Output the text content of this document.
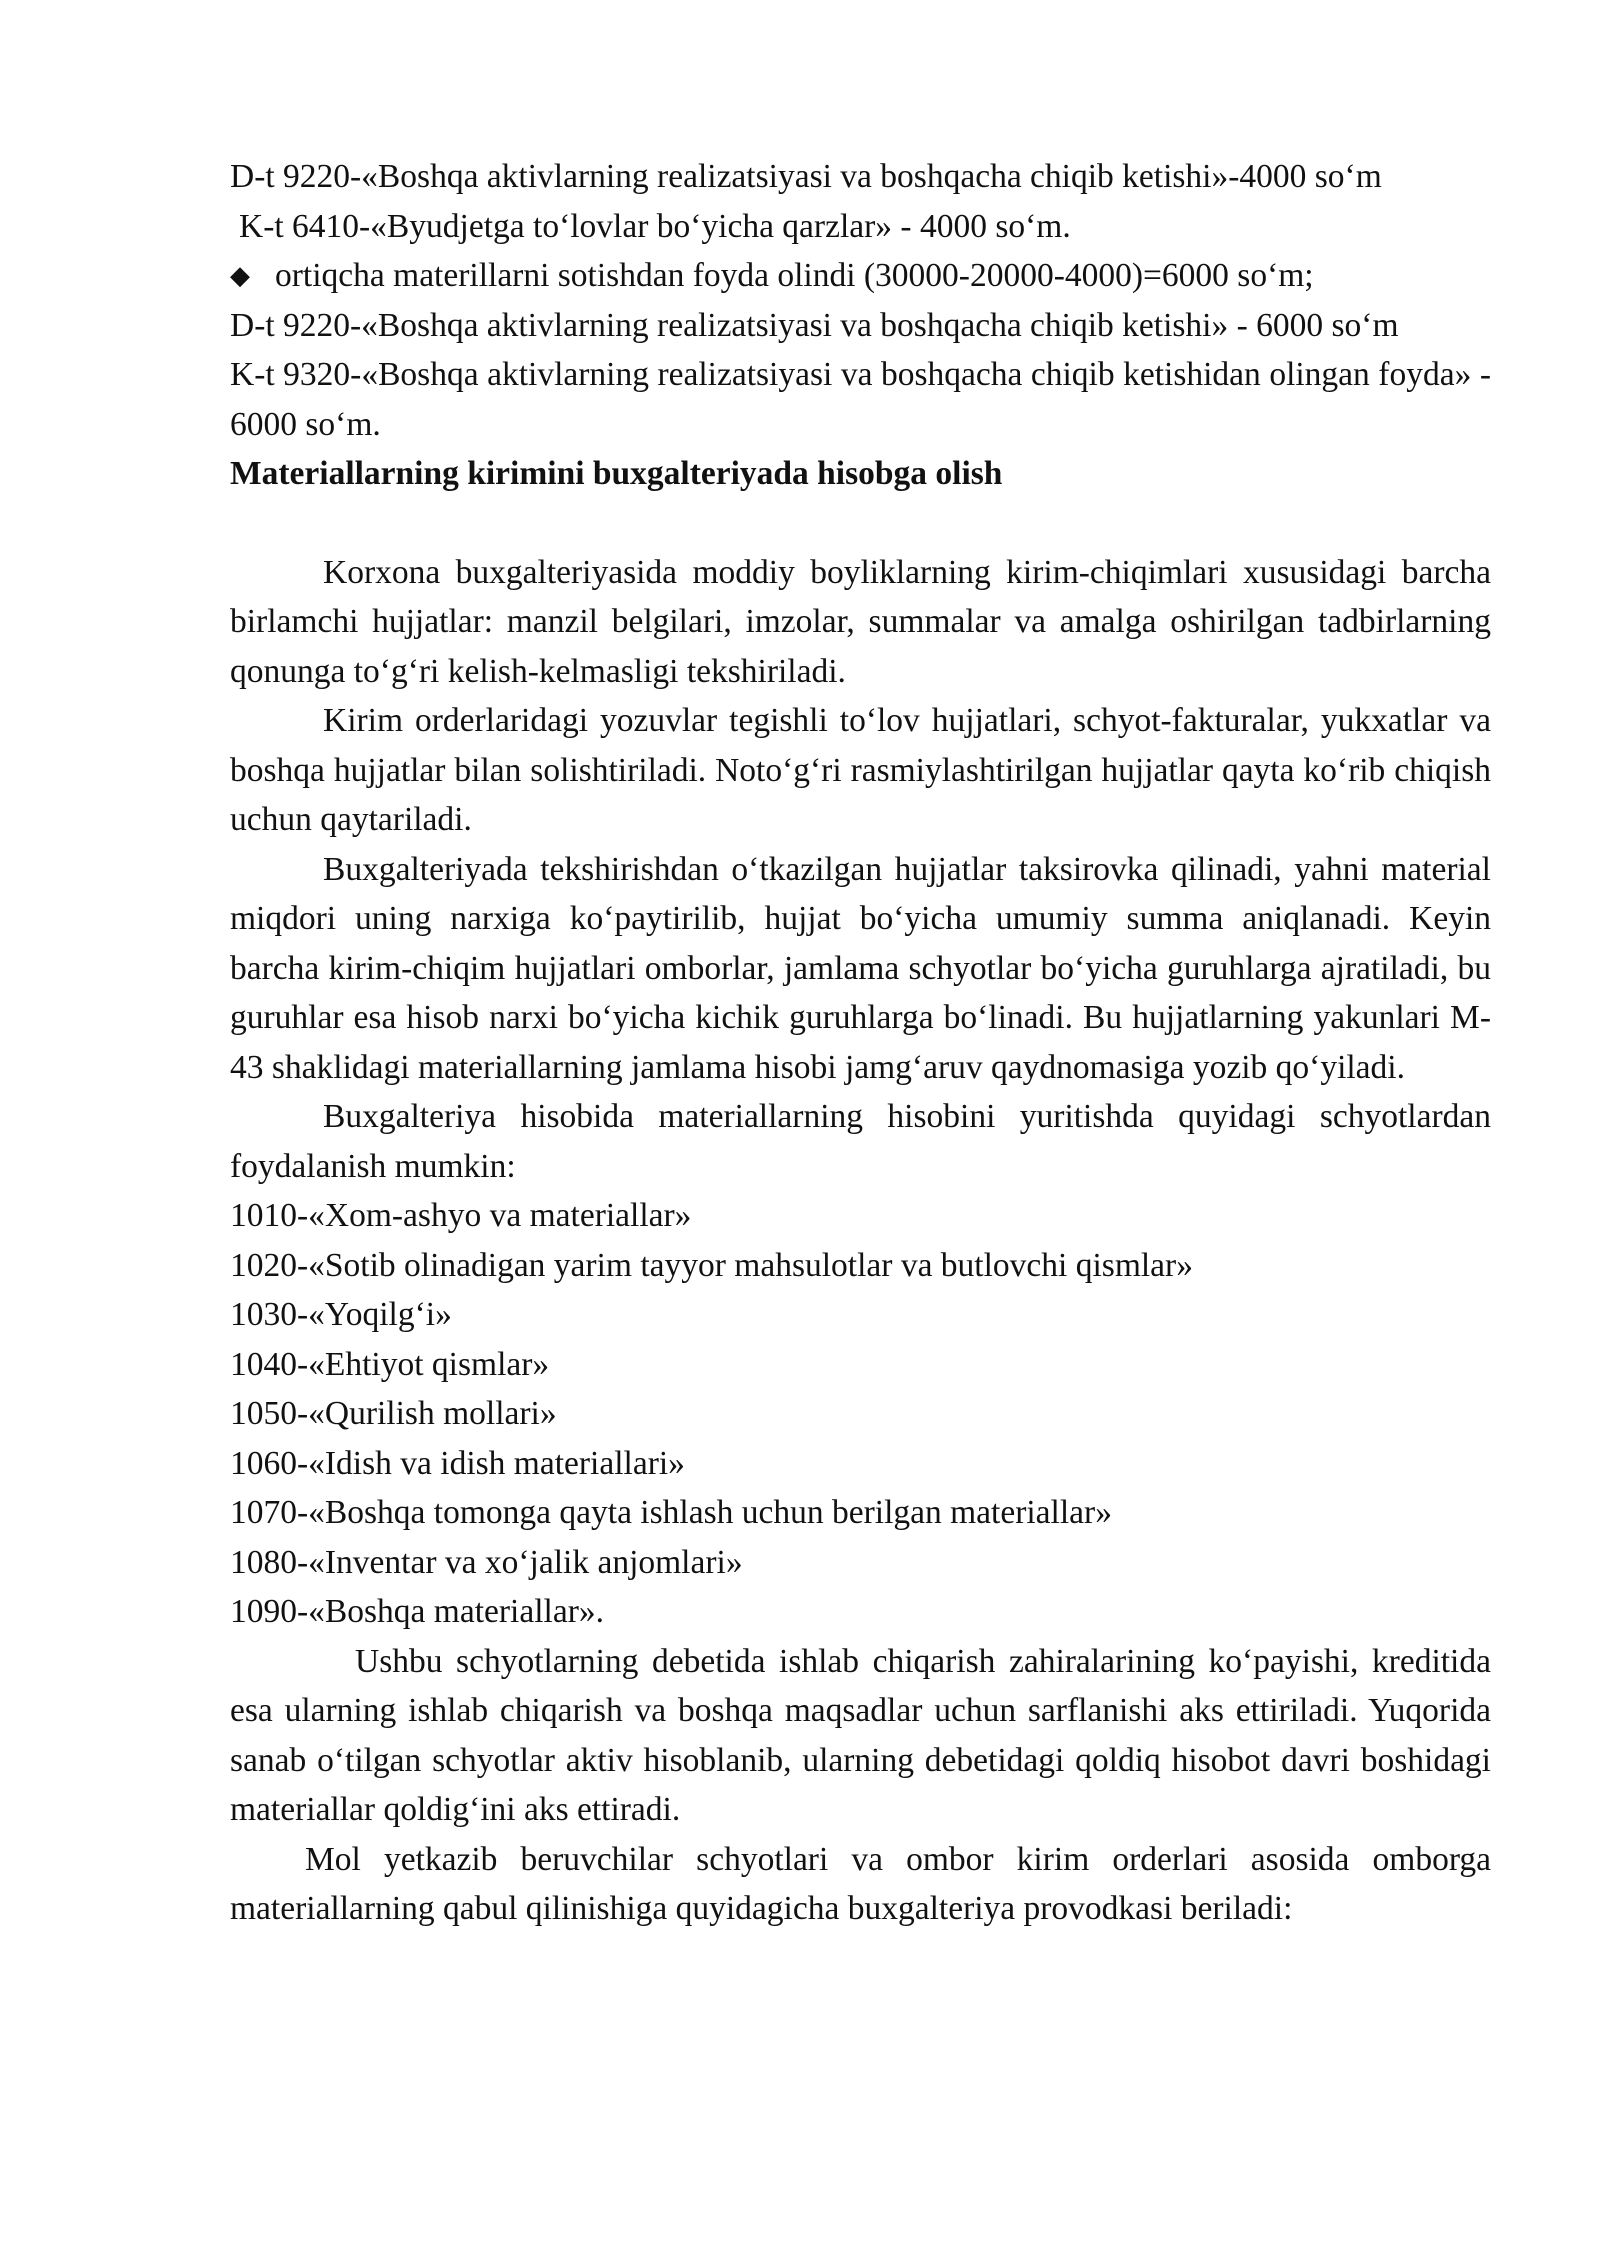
D-t 9220-«Boshqa aktivlarning realizatsiyasi va boshqacha chiqib ketishi»-4000 so‘m
K-t 6410-«Byudjetga to‘lovlar bo‘yicha qarzlar» - 4000 so‘m.
◆ ortiqcha materillarni sotishdan foyda olindi (30000-20000-4000)=6000 so‘m;
D-t 9220-«Boshqa aktivlarning realizatsiyasi va boshqacha chiqib ketishi» - 6000 so‘m
K-t 9320-«Boshqa aktivlarning realizatsiyasi va boshqacha chiqib ketishidan olingan foyda» - 6000 so‘m.
Materiallarning kirimini buxgalteriyada hisobga olish
Korxona buxgalteriyasida moddiy boyliklarning kirim-chiqimlari xususidagi barcha birlamchi hujjatlar: manzil belgilari, imzolar, summalar va amalga oshirilgan tadbirlarning qonunga to‘g‘ri kelish-kelmasligi tekshiriladi.
Kirim orderlaridagi yozuvlar tegishli to‘lov hujjatlari, schyot-fakturalar, yukxatlar va boshqa hujjatlar bilan solishtiriladi. Noto‘g‘ri rasmiylashtirilgan hujjatlar qayta ko‘rib chiqish uchun qaytariladi.
Buxgalteriyada tekshirishdan o‘tkazilgan hujjatlar taksirovka qilinadi, yahni material miqdori uning narxiga ko‘paytirilib, hujjat bo‘yicha umumiy summa aniqlanadi. Keyin barcha kirim-chiqim hujjatlari omborlar, jamlama schyotlar bo‘yicha guruhlarga ajratiladi, bu guruhlar esa hisob narxi bo‘yicha kichik guruhlarga bo‘linadi. Bu hujjatlarning yakunlari M-43 shaklidagi materiallarning jamlama hisobi jamg‘aruv qaydnomasiga yozib qo‘yiladi.
Buxgalteriya hisobida materiallarning hisobini yuritishda quyidagi schyotlardan foydalanish mumkin:
1010-«Xom-ashyo va materiallar»
1020-«Sotib olinadigan yarim tayyor mahsulotlar va butlovchi qismlar»
1030-«Yoqilg‘i»
1040-«Ehtiyot qismlar»
1050-«Qurilish mollari»
1060-«Idish va idish materiallari»
1070-«Boshqa tomonga qayta ishlash uchun berilgan materiallar»
1080-«Inventar va xo‘jalik anjomlari»
1090-«Boshqa materiallar».
Ushbu schyotlarning debetida ishlab chiqarish zahiralarining ko‘payishi, kreditida esa ularning ishlab chiqarish va boshqa maqsadlar uchun sarflanishi aks ettiriladi. Yuqorida sanab o‘tilgan schyotlar aktiv hisoblanib, ularning debetidagi qoldiq hisobot davri boshidagi materiallar qoldig‘ini aks ettiradi.
Mol yetkazib beruvchilar schyotlari va ombor kirim orderlari asosida omborga materiallarning qabul qilinishiga quyidagicha buxgalteriya provodkasi beriladi:
